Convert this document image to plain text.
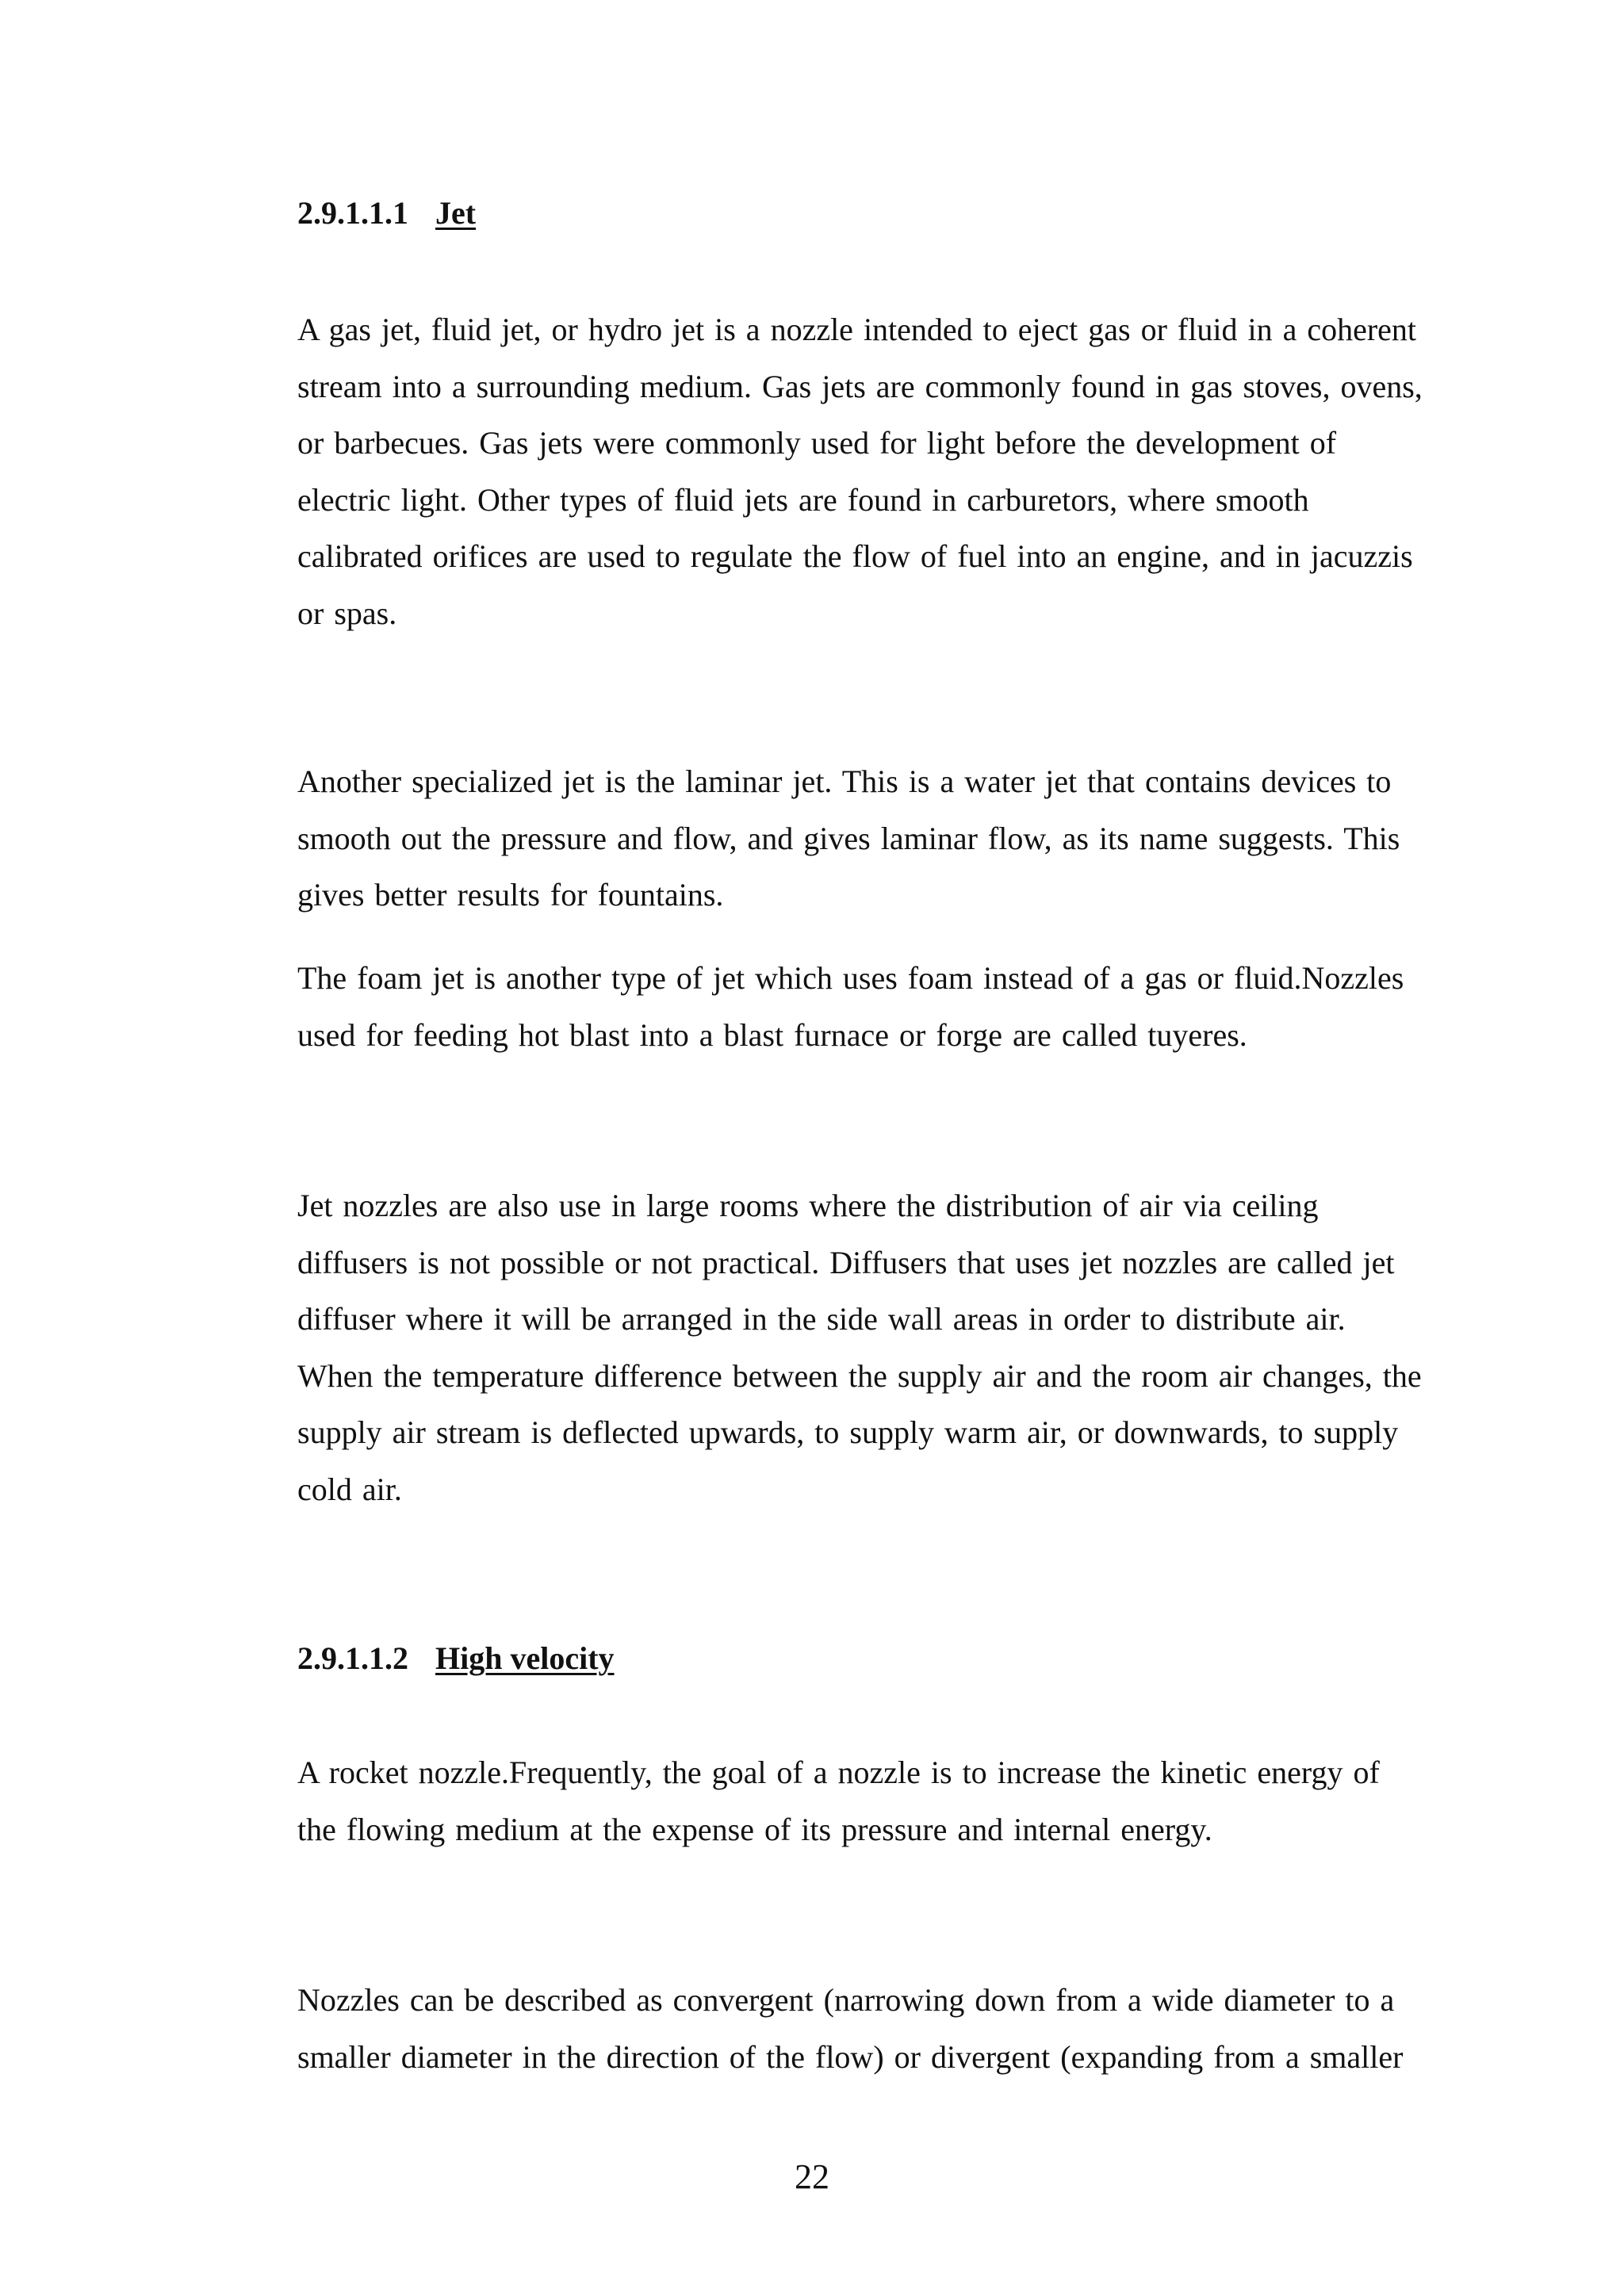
2.9.1.1.1 Jet

A gas jet, fluid jet, or hydro jet is a nozzle intended to eject gas or fluid in a coherent
stream into a surrounding medium. Gas jets are commonly found in gas stoves, ovens,
or barbecues. Gas jets were commonly used for light before the development of
electric light. Other types of fluid jets are found in carburetors, where smooth
calibrated orifices are used to regulate the flow of fuel into an engine, and in jacuzzis
or spas.

Another specialized jet is the laminar jet. This is a water jet that contains devices to
smooth out the pressure and flow, and gives laminar flow, as its name suggests. This
gives better results for fountains.

The foam jet is another type of jet which uses foam instead of a gas or fluid.Nozzles
used for feeding hot blast into a blast furnace or forge are called tuyeres.

Jet nozzles are also use in large rooms where the distribution of air via ceiling
diffusers is not possible or not practical. Diffusers that uses jet nozzles are called jet
diffuser where it will be arranged in the side wall areas in order to distribute air.
When the temperature difference between the supply air and the room air changes, the
supply air stream is deflected upwards, to supply warm air, or downwards, to supply
cold air.

2.9.1.1.2 High velocity

A rocket nozzle.Frequently, the goal of a nozzle is to increase the kinetic energy of
the flowing medium at the expense of its pressure and internal energy.

Nozzles can be described as convergent (narrowing down from a wide diameter to a
smaller diameter in the direction of the flow) or divergent (expanding from a smaller

22
